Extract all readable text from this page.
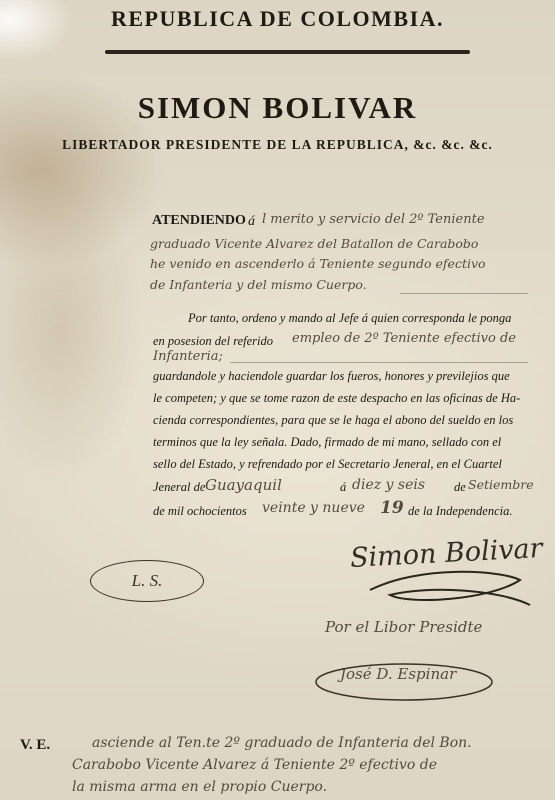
REPUBLICA DE COLOMBIA.
SIMON BOLIVAR
LIBERTADOR PRESIDENTE DE LA REPUBLICA, &c. &c. &c.
ATENDIENDO á l merito y servicio del 2º Teniente
graduado Vicente Alvarez del Batallon de Carabobo
he venido en ascenderlo á Teniente segundo efectivo
de Infanteria y del mismo Cuerpo.
Por tanto, ordeno y mando al Jefe á quien corresponda le ponga
en posesion del referido empleo de 2º Teniente efectivo de
Infanteria;
guardandole y haciendole guardar los fueros, honores y previlejios que
le competen; y que se tome razon de este despacho en las oficinas de Ha-
cienda correspondientes, para que se le haga el abono del sueldo en los
terminos que la ley señala. Dado, firmado de mi mano, sellado con el
sello del Estado, y refrendado por el Secretario Jeneral, en el Cuartel
Jeneral de Guayaquil	á diez y seis de Setiembre
de mil ochocientos veinte y nueve 19 de la Independencia.
Simon Bolivar
L. S.
Por el Libor Presidte
José D. Espinar
V. E.	asciende al Ten.te 2º graduado de Infanteria del Bon.
Carabobo Vicente Alvarez á Teniente 2º efectivo de
la misma arma en el propio Cuerpo.
